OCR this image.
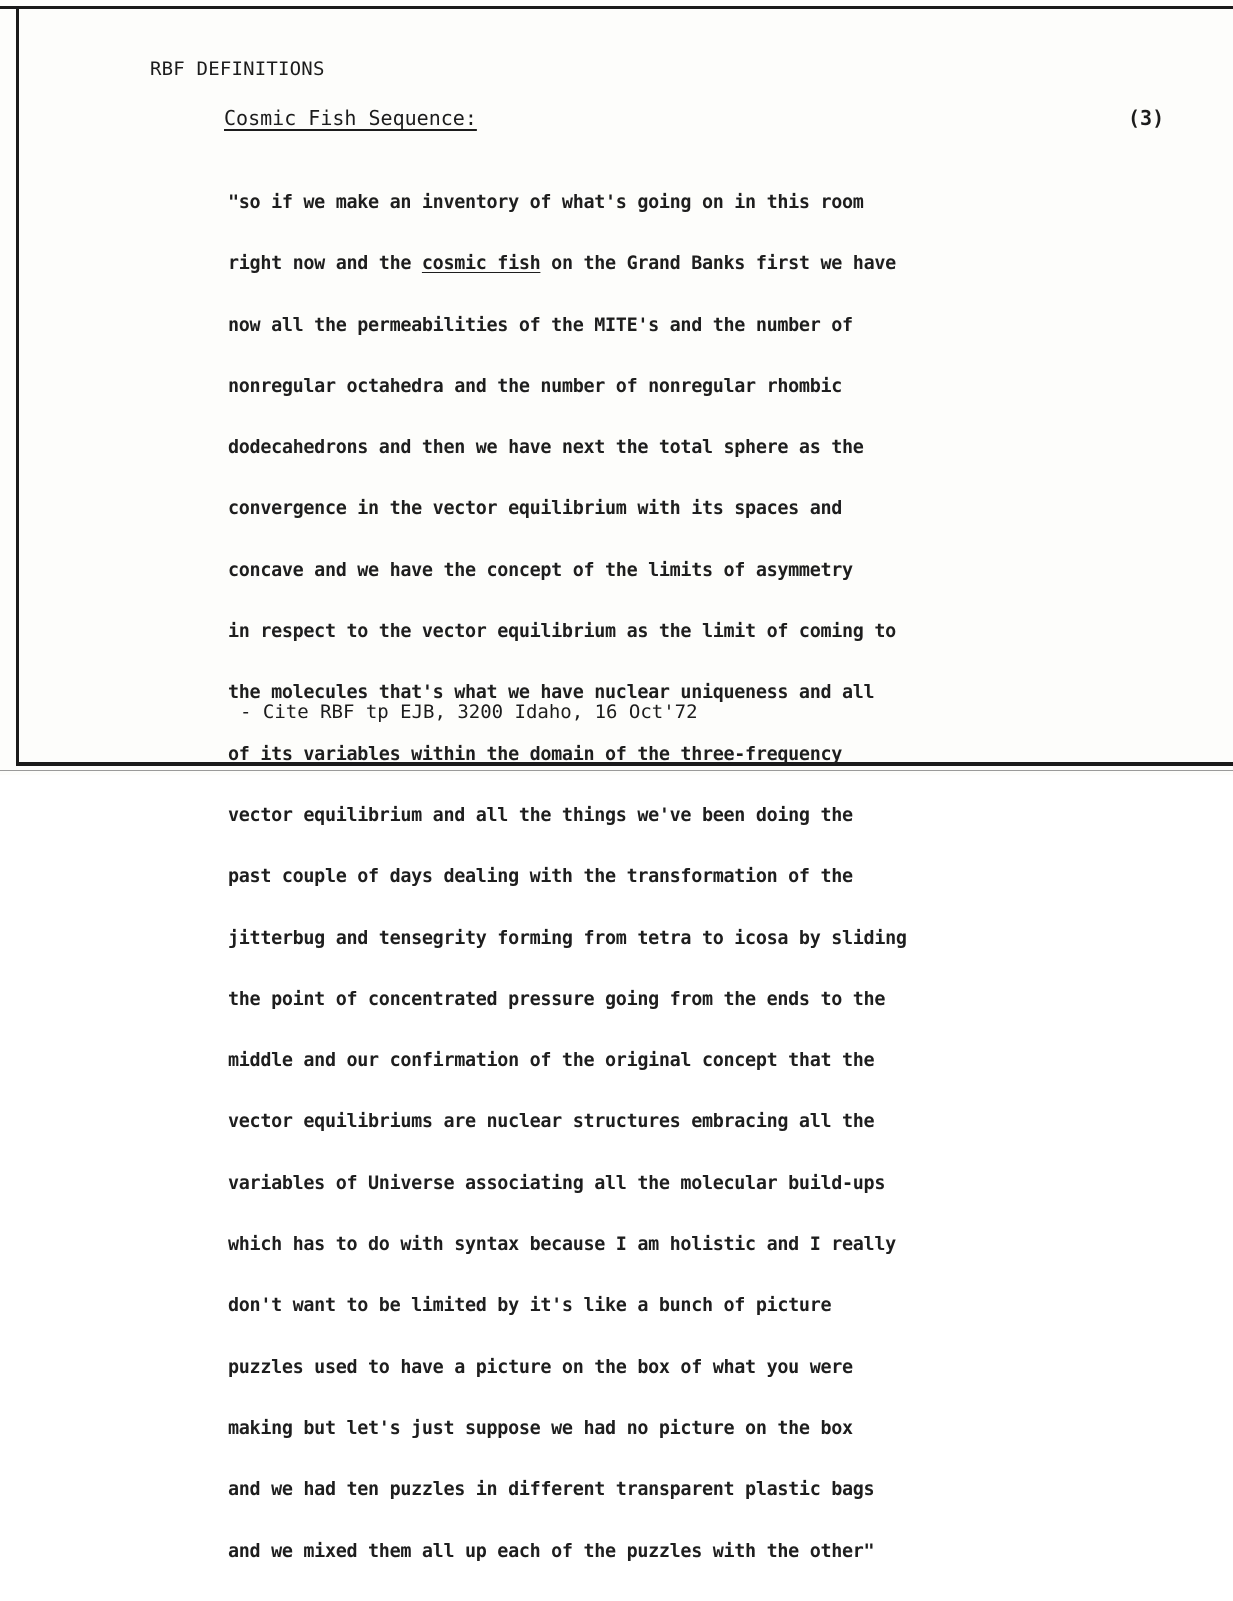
RBF DEFINITIONS
Cosmic Fish Sequence:	(3)

"so if we make an inventory of what's going on in this room

right now and the cosmic fish on the Grand Banks first we have

now all the permeabilities of the MITE's and the number of

nonregular octahedra and the number of nonregular rhombic

dodecahedrons and then we have next the total sphere as the

convergence in the vector equilibrium with its spaces and

concave and we have the concept of the limits of asymmetry

in respect to the vector equilibrium as the limit of coming to

the molecules that's what we have nuclear uniqueness and all

of its variables within the domain of the three-frequency

vector equilibrium and all the things we've been doing the

past couple of days dealing with the transformation of the

jitterbug and tensegrity forming from tetra to icosa by sliding

the point of concentrated pressure going from the ends to the

middle and our confirmation of the original concept that the

vector equilibriums are nuclear structures embracing all the

variables of Universe associating all the molecular build-ups

which has to do with syntax because I am holistic and I really

don't want to be limited by it's like a bunch of picture

puzzles used to have a picture on the box of what you were

making but let's just suppose we had no picture on the box

and we had ten puzzles in different transparent plastic bags

and we mixed them all up each of the puzzles with the other"

- Cite RBF tp EJB, 3200 Idaho, 16 Oct'72
